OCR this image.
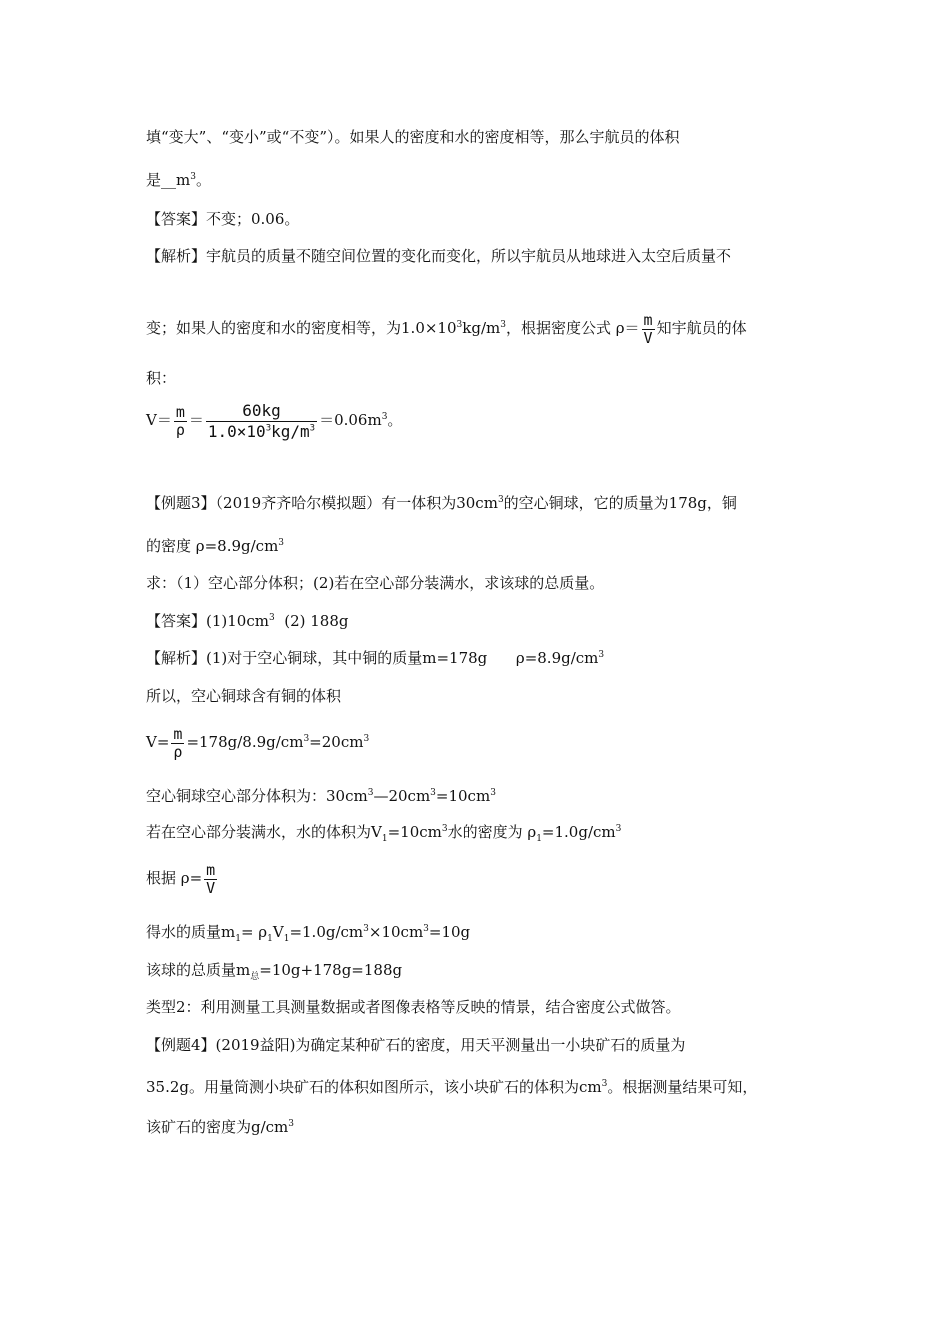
填“变大”、“变小”或“不变”）。如果人的密度和水的密度相等，那么宇航员的体积
是$\_\_m^3$。
【答案】不变；0.06。
【解析】宇航员的质量不随空间位置的变化而变化，所以宇航员从地球进入太空后质量不
变；如果人的密度和水的密度相等，为$1.0\times 10^3kg/m^3$，根据密度公式 $\rho= \frac{m}{V}$ 知宇航员的体
积：
$V= \frac{m}{\rho} = \frac{60kg}{1.0\times 10^3kg/m^3} =0.06m^3$。
【例题3】（2019齐齐哈尔模拟题）有一体积为$30cm^3$的空心铜球，它的质量为178g，铜
的密度 $\rho=8.9g/cm^3$
求：（1）空心部分体积；(2)若在空心部分装满水，求该球的总质量。
【答案】$(1)10cm^3$  (2) 188g
【解析】(1)对于空心铜球，其中铜的质量m=178g      $\rho=8.9g/cm^3$
所以，空心铜球含有铜的体积
$V= \frac{m}{\rho} =178g/8.9g/cm^3=20cm^3$
空心铜球空心部分体积为：$30cm^3—20cm^3=10cm^3$
若在空心部分装满水，水的体积为$V_1=10cm^3$水的密度为 $\rho_1=1.0g/cm^3$
根据 $\rho= \frac{m}{V}$
得水的质量$m_1= \rho_1V_1=1.0g/cm^3\times 10cm^3=10g$
该球的总质量$m_总=10g+178g=188g$
类型2：利用测量工具测量数据或者图像表格等反映的情景，结合密度公式做答。
【例题4】(2019益阳)为确定某种矿石的密度，用天平测量出一小块矿石的质量为
35.2g。用量筒测小块矿石的体积如图所示，该小块矿石的体积为$cm^3$。根据测量结果可知，
该矿石的密度为$g/cm^3$
